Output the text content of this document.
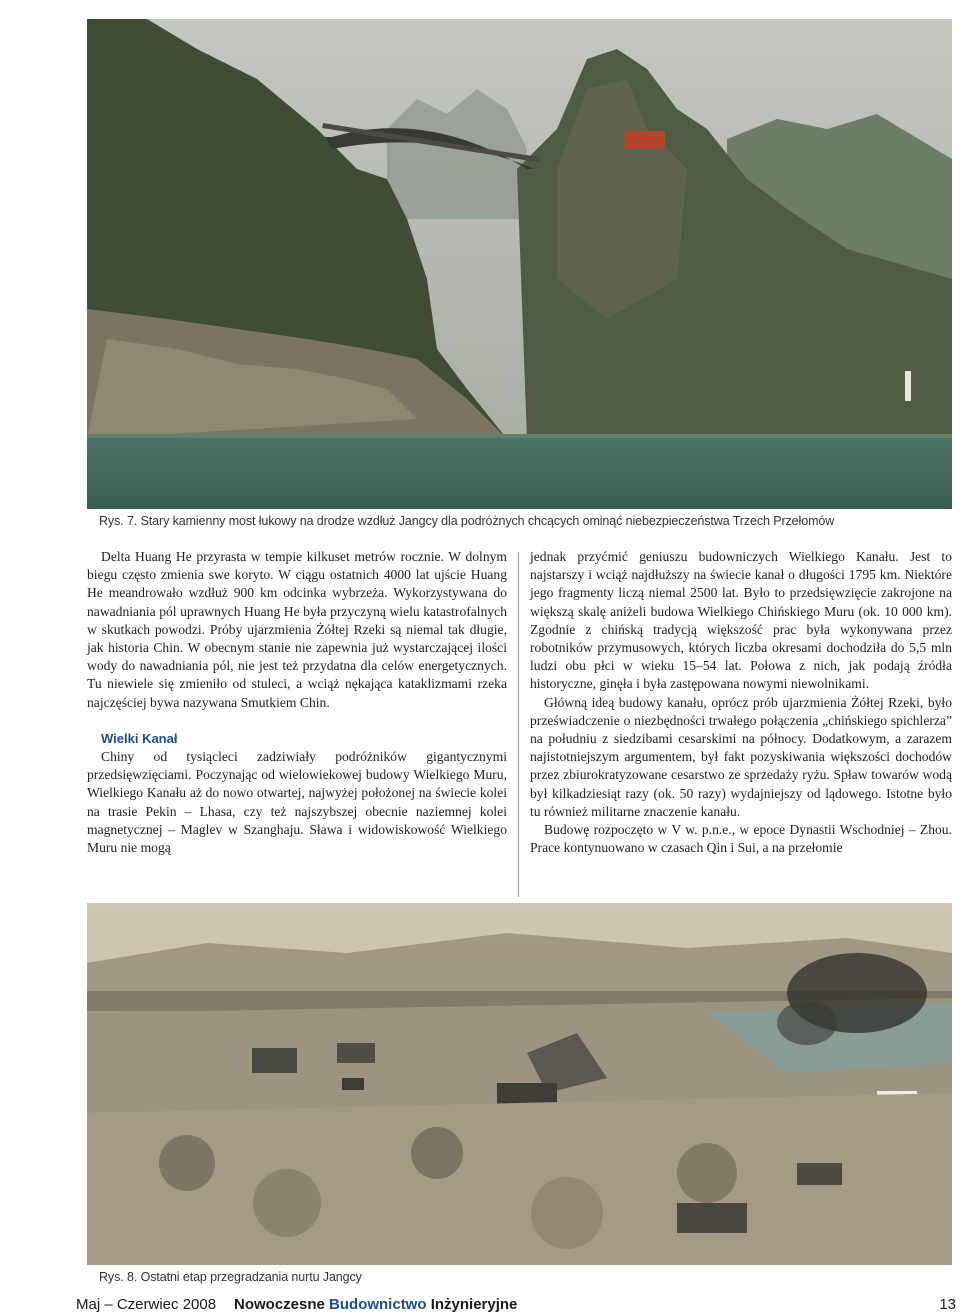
Rys. 7. Stary kamienny most łukowy na drodze wzdłuż Jangcy dla podróżnych chcących ominąć niebezpieczeństwa Trzech Przełomów

Delta Huang He przyrasta w tempie kilkuset metrów rocznie. W dolnym biegu często zmienia swe koryto. W ciągu ostatnich 4000 lat ujście Huang He meandrowało wzdłuż 900 km odcinka wybrzeża. Wykorzystywana do nawadniania pól uprawnych Huang He była przyczyną wielu katastrofalnych w skutkach powodzi. Próby ujarzmienia Żółtej Rzeki są niemal tak długie, jak historia Chin. W obecnym stanie nie zapewnia już wystarczającej ilości wody do nawadniania pól, nie jest też przydatna dla celów energetycznych. Tu niewiele się zmieniło od stuleci, a wciąż nękająca kataklizmami rzeka najczęściej bywa nazywana Smutkiem Chin.

Wielki Kanał

Chiny od tysiącleci zadziwiały podróżników gigantycznymi przedsięwzięciami. Poczynając od wielowiekowej budowy Wielkiego Muru, Wielkiego Kanału aż do nowo otwartej, najwyżej położonej na świecie kolei na trasie Pekin – Lhasa, czy też najszybszej obecnie naziemnej kolei magnetycznej – Maglev w Szanghaju. Sława i widowiskowość Wielkiego Muru nie mogą

jednak przyćmić geniuszu budowniczych Wielkiego Kanału. Jest to najstarszy i wciąż najdłuższy na świecie kanał o długości 1795 km. Niektóre jego fragmenty liczą niemal 2500 lat. Było to przedsięwzięcie zakrojone na większą skalę aniżeli budowa Wielkiego Chińskiego Muru (ok. 10 000 km). Zgodnie z chińską tradycją większość prac była wykonywana przez robotników przymusowych, których liczba okresami dochodziła do 5,5 mln ludzi obu płci w wieku 15–54 lat. Połowa z nich, jak podają źródła historyczne, ginęła i była zastępowana nowymi niewolnikami.

Główną ideą budowy kanału, oprócz prób ujarzmienia Żółtej Rzeki, było przeświadczenie o niezbędności trwałego połączenia „chińskiego spichlerza” na południu z siedzibami cesarskimi na północy. Dodatkowym, a zarazem najistotniejszym argumentem, był fakt pozyskiwania większości dochodów przez zbiurokratyzowane cesarstwo ze sprzedaży ryżu. Spław towarów wodą był kilkadziesiąt razy (ok. 50 razy) wydajniejszy od lądowego. Istotne było tu również militarne znaczenie kanału.

Budowę rozpoczęto w V w. p.n.e., w epoce Dynastii Wschodniej – Zhou. Prace kontynuowano w czasach Qin i Sui, a na przełomie

Rys. 8. Ostatni etap przegradzania nurtu Jangcy
Maj – Czerwiec 2008 Nowoczesne Budownictwo Inżynieryjne	13
